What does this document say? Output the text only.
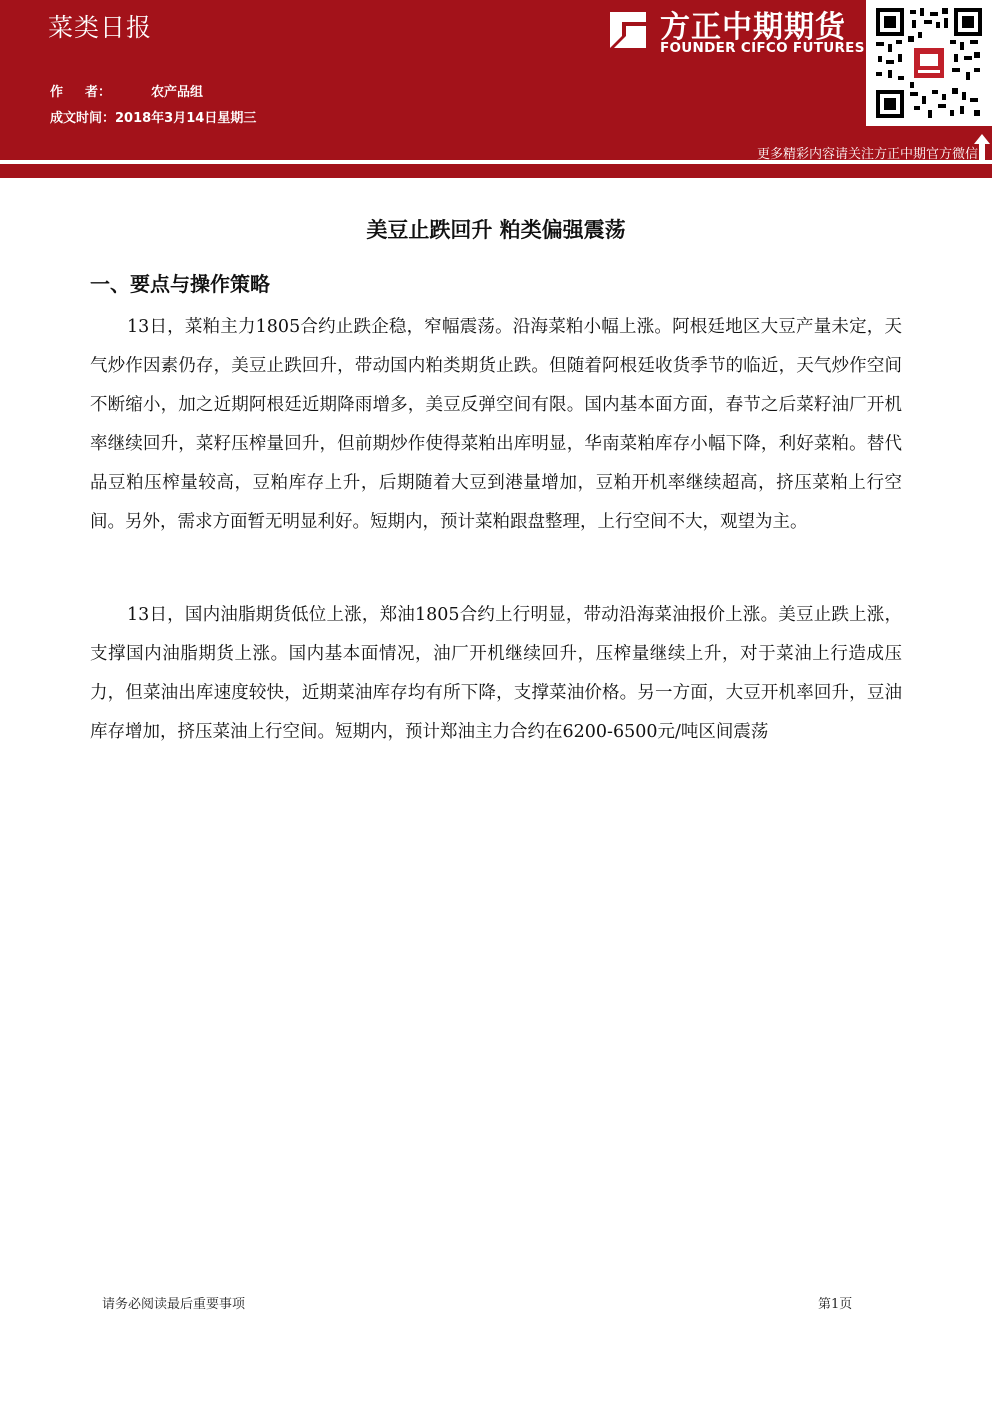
菜类日报
作 者：	农产品组
成文时间：2018年3月14日星期三
方正中期期货
FOUNDER CIFCO FUTURES
更多精彩内容请关注方正中期官方微信
美豆止跌回升 粕类偏强震荡
一、要点与操作策略

13日，菜粕主力1805合约止跌企稳，窄幅震荡。沿海菜粕小幅上涨。阿根廷地区大豆产量未定，天气炒作因素仍存，美豆止跌回升，带动国内粕类期货止跌。但随着阿根廷收货季节的临近，天气炒作空间不断缩小，加之近期阿根廷近期降雨增多，美豆反弹空间有限。国内基本面方面，春节之后菜籽油厂开机率继续回升，菜籽压榨量回升，但前期炒作使得菜粕出库明显，华南菜粕库存小幅下降，利好菜粕。替代品豆粕压榨量较高，豆粕库存上升，后期随着大豆到港量增加，豆粕开机率继续超高，挤压菜粕上行空间。另外，需求方面暂无明显利好。短期内，预计菜粕跟盘整理，上行空间不大，观望为主。

13日，国内油脂期货低位上涨，郑油1805合约上行明显，带动沿海菜油报价上涨。美豆止跌上涨，支撑国内油脂期货上涨。国内基本面情况，油厂开机继续回升，压榨量继续上升，对于菜油上行造成压力，但菜油出库速度较快，近期菜油库存均有所下降，支撑菜油价格。另一方面，大豆开机率回升，豆油库存增加，挤压菜油上行空间。短期内，预计郑油主力合约在6200-6500元/吨区间震荡

请务必阅读最后重要事项	第1页
